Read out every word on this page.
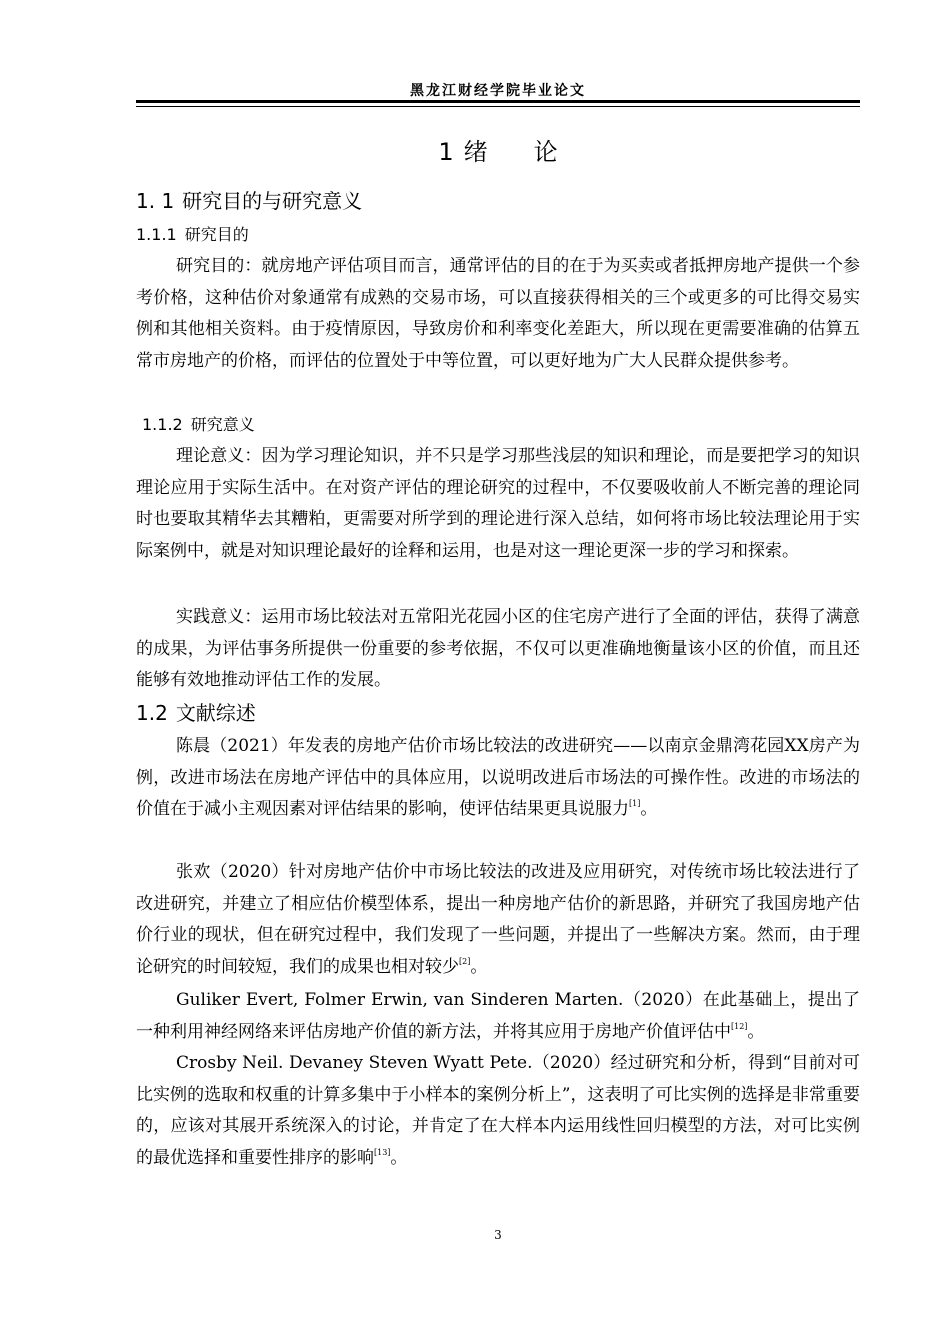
黑龙江财经学院毕业论文
1 绪 论
1. 1 研究目的与研究意义
1.1.1 研究目的

研究目的：就房地产评估项目而言，通常评估的目的在于为买卖或者抵押房地产提供一个参考价格，这种估价对象通常有成熟的交易市场，可以直接获得相关的三个或更多的可比得交易实例和其他相关资料。由于疫情原因，导致房价和利率变化差距大，所以现在更需要准确的估算五常市房地产的价格，而评估的位置处于中等位置，可以更好地为广大人民群众提供参考。

1.1.2 研究意义

理论意义：因为学习理论知识，并不只是学习那些浅层的知识和理论，而是要把学习的知识理论应用于实际生活中。在对资产评估的理论研究的过程中，不仅要吸收前人不断完善的理论同时也要取其精华去其糟粕，更需要对所学到的理论进行深入总结，如何将市场比较法理论用于实际案例中，就是对知识理论最好的诠释和运用，也是对这一理论更深一步的学习和探索。

实践意义：运用市场比较法对五常阳光花园小区的住宅房产进行了全面的评估，获得了满意的成果，为评估事务所提供一份重要的参考依据，不仅可以更准确地衡量该小区的价值，而且还能够有效地推动评估工作的发展。

1.2 文献综述

陈晨（2021）年发表的房地产估价市场比较法的改进研究——以南京金鼎湾花园XX房产为例，改进市场法在房地产评估中的具体应用，以说明改进后市场法的可操作性。改进的市场法的价值在于减小主观因素对评估结果的影响，使评估结果更具说服力[1]。

张欢（2020）针对房地产估价中市场比较法的改进及应用研究，对传统市场比较法进行了改进研究，并建立了相应估价模型体系，提出一种房地产估价的新思路，并研究了我国房地产估价行业的现状，但在研究过程中，我们发现了一些问题，并提出了一些解决方案。然而，由于理论研究的时间较短，我们的成果也相对较少[2]。

Guliker Evert, Folmer Erwin, van Sinderen Marten.（2020）在此基础上，提出了一种利用神经网络来评估房地产价值的新方法，并将其应用于房地产价值评估中[12]。

Crosby Neil. Devaney Steven Wyatt Pete.（2020）经过研究和分析，得到“目前对可比实例的选取和权重的计算多集中于小样本的案例分析上”，这表明了可比实例的选择是非常重要的，应该对其展开系统深入的讨论，并肯定了在大样本内运用线性回归模型的方法，对可比实例的最优选择和重要性排序的影响[13]。

3
